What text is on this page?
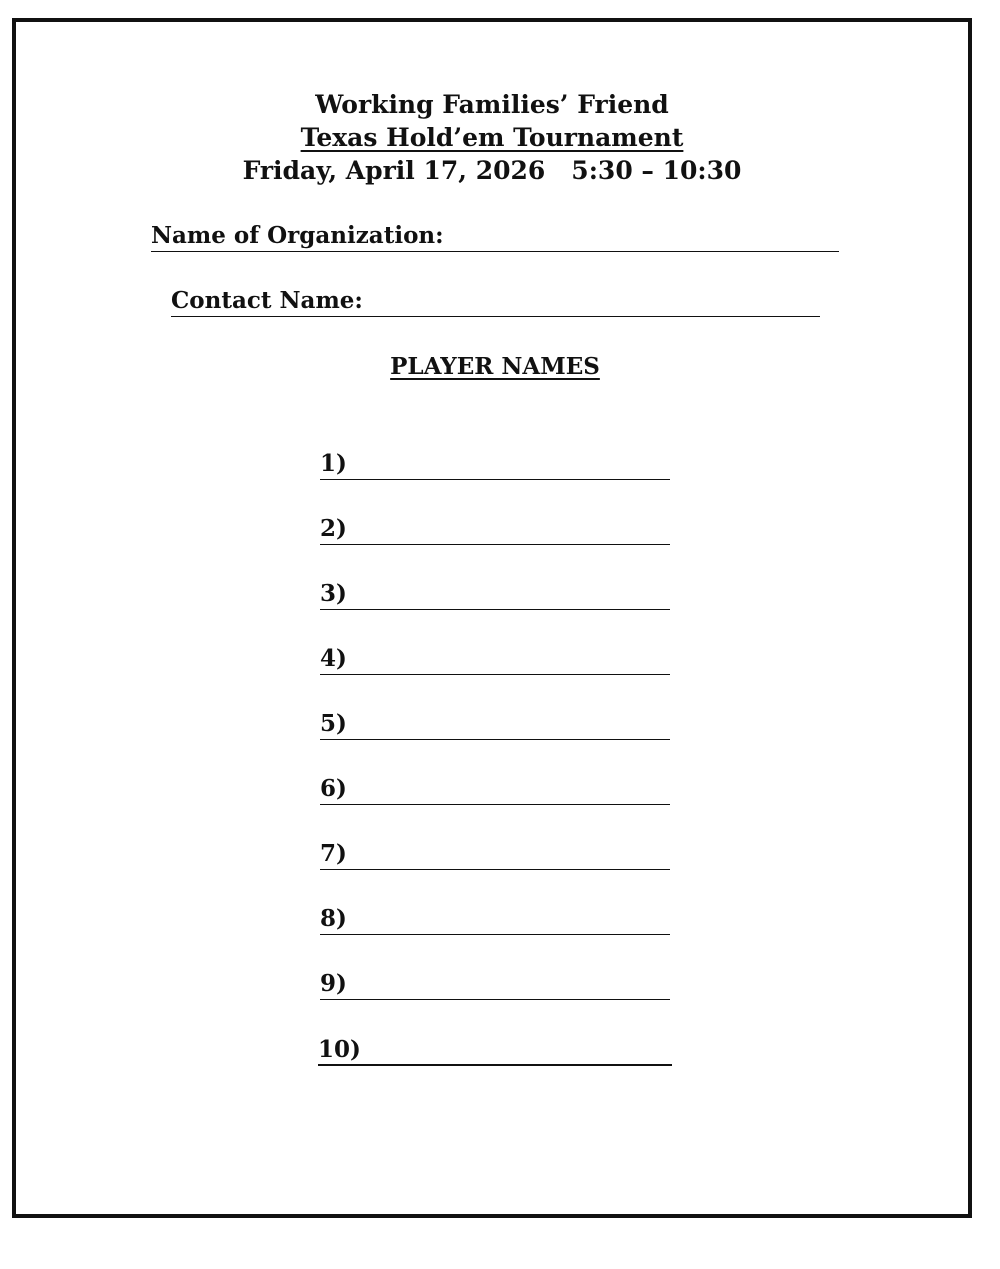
Working Families’ Friend
Texas Hold’em Tournament
Friday, April 17, 2026 5:30 – 10:30
Name of Organization:
Contact Name:
PLAYER NAMES
1)
2)
3)
4)
5)
6)
7)
8)
9)
10)
